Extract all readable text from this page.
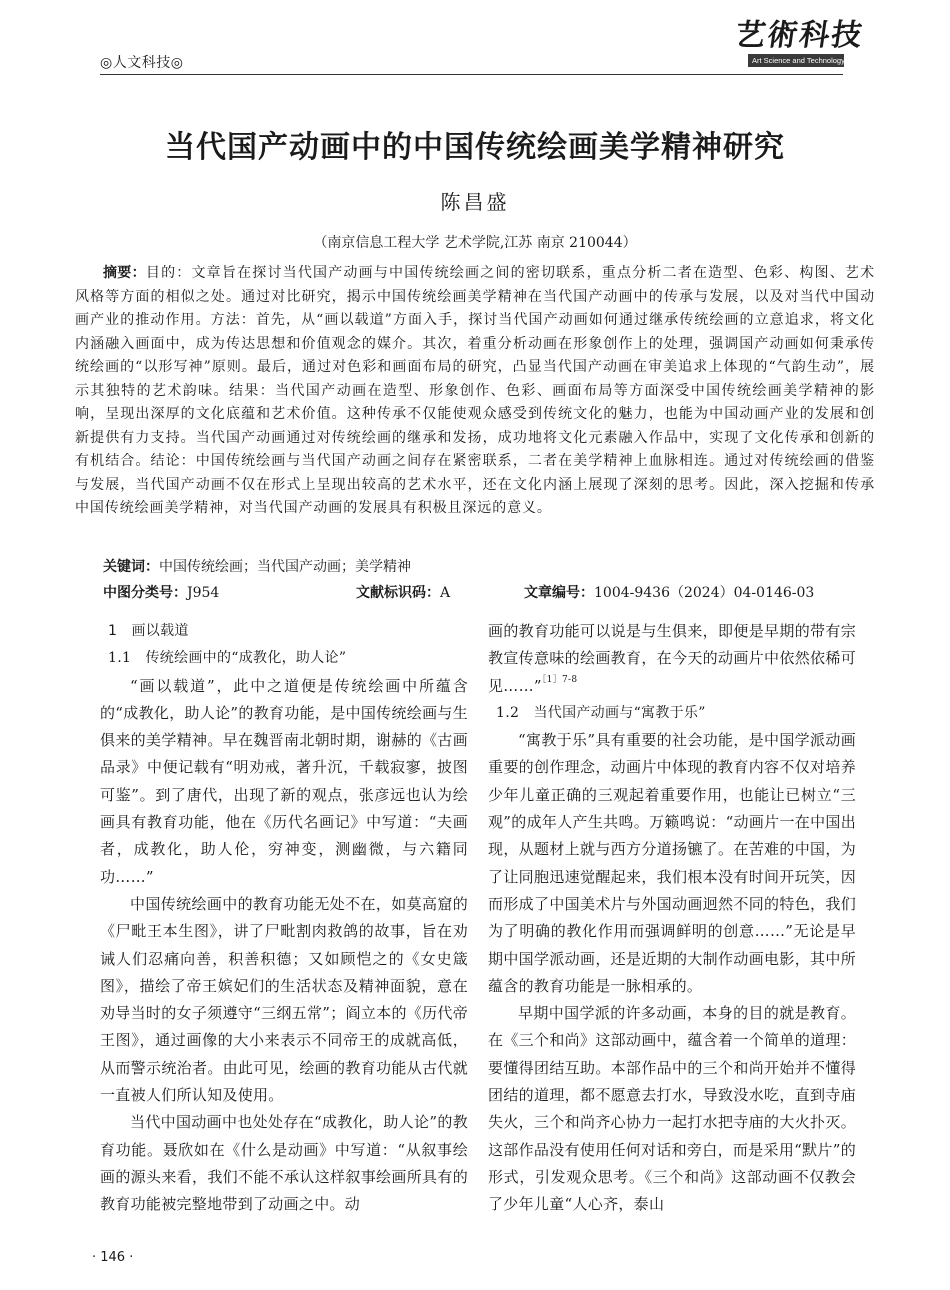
◎人文科技◎
艺術科技
Art Science and Technology
当代国产动画中的中国传统绘画美学精神研究
陈昌盛
（南京信息工程大学 艺术学院,江苏 南京 210044）
摘要：目的：文章旨在探讨当代国产动画与中国传统绘画之间的密切联系，重点分析二者在造型、色彩、构图、艺术风格等方面的相似之处。通过对比研究，揭示中国传统绘画美学精神在当代国产动画中的传承与发展，以及对当代中国动画产业的推动作用。方法：首先，从“画以载道”方面入手，探讨当代国产动画如何通过继承传统绘画的立意追求，将文化内涵融入画面中，成为传达思想和价值观念的媒介。其次，着重分析动画在形象创作上的处理，强调国产动画如何秉承传统绘画的“以形写神”原则。最后，通过对色彩和画面布局的研究，凸显当代国产动画在审美追求上体现的“气韵生动”，展示其独特的艺术韵味。结果：当代国产动画在造型、形象创作、色彩、画面布局等方面深受中国传统绘画美学精神的影响，呈现出深厚的文化底蕴和艺术价值。这种传承不仅能使观众感受到传统文化的魅力，也能为中国动画产业的发展和创新提供有力支持。当代国产动画通过对传统绘画的继承和发扬，成功地将文化元素融入作品中，实现了文化传承和创新的有机结合。结论：中国传统绘画与当代国产动画之间存在紧密联系，二者在美学精神上血脉相连。通过对传统绘画的借鉴与发展，当代国产动画不仅在形式上呈现出较高的艺术水平，还在文化内涵上展现了深刻的思考。因此，深入挖掘和传承中国传统绘画美学精神，对当代国产动画的发展具有积极且深远的意义。
关键词：中国传统绘画；当代国产动画；美学精神
中图分类号：J954	文献标识码：A	文章编号：1004-9436（2024）04-0146-03

1　画以载道

1.1　传统绘画中的“成教化，助人论”

“画以载道”，此中之道便是传统绘画中所蕴含的“成教化，助人论”的教育功能，是中国传统绘画与生俱来的美学精神。早在魏晋南北朝时期，谢赫的《古画品录》中便记载有“明劝戒，著升沉，千载寂寥，披图可鉴”。到了唐代，出现了新的观点，张彦远也认为绘画具有教育功能，他在《历代名画记》中写道：“夫画者，成教化，助人伦，穷神变，测幽微，与六籍同功……”

中国传统绘画中的教育功能无处不在，如莫高窟的《尸毗王本生图》，讲了尸毗割肉救鸽的故事，旨在劝诫人们忍痛向善，积善积德；又如顾恺之的《女史箴图》，描绘了帝王嫔妃们的生活状态及精神面貌，意在劝导当时的女子须遵守“三纲五常”；阎立本的《历代帝王图》，通过画像的大小来表示不同帝王的成就高低，从而警示统治者。由此可见，绘画的教育功能从古代就一直被人们所认知及使用。

当代中国动画中也处处存在“成教化，助人论”的教育功能。聂欣如在《什么是动画》中写道：“从叙事绘画的源头来看，我们不能不承认这样叙事绘画所具有的教育功能被完整地带到了动画之中。动

画的教育功能可以说是与生俱来，即便是早期的带有宗教宣传意味的绘画教育，在今天的动画片中依然依稀可见……”$^{[1]7-8}$

1.2　当代国产动画与“寓教于乐”

“寓教于乐”具有重要的社会功能，是中国学派动画重要的创作理念，动画片中体现的教育内容不仅对培养少年儿童正确的三观起着重要作用，也能让已树立“三观”的成年人产生共鸣。万籁鸣说：“动画片一在中国出现，从题材上就与西方分道扬镳了。在苦难的中国，为了让同胞迅速觉醒起来，我们根本没有时间开玩笑，因而形成了中国美术片与外国动画迥然不同的特色，我们为了明确的教化作用而强调鲜明的创意……”无论是早期中国学派动画，还是近期的大制作动画电影，其中所蕴含的教育功能是一脉相承的。

早期中国学派的许多动画，本身的目的就是教育。在《三个和尚》这部动画中，蕴含着一个简单的道理：要懂得团结互助。本部作品中的三个和尚开始并不懂得团结的道理，都不愿意去打水，导致没水吃，直到寺庙失火，三个和尚齐心协力一起打水把寺庙的大火扑灭。这部作品没有使用任何对话和旁白，而是采用“默片”的形式，引发观众思考。《三个和尚》这部动画不仅教会了少年儿童“人心齐，泰山

· 146 ·
